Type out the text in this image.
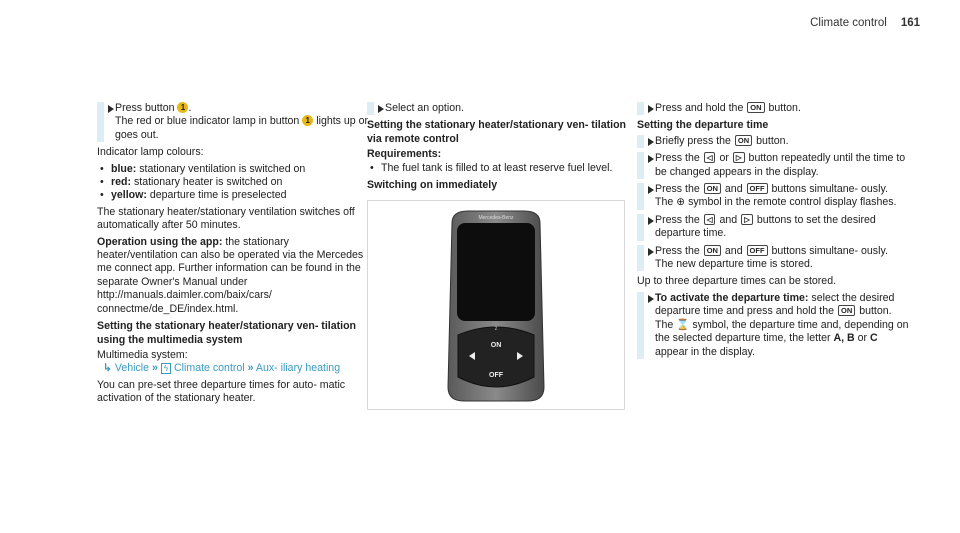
Climate control 161
Press button 1 .
The red or blue indicator lamp in button 1 lights up or goes out.

Indicator lamp colours:

• blue: stationary ventilation is switched on
• red: stationary heater is switched on
• yellow: departure time is preselected

The stationary heater/stationary ventilation switches off automatically after 50 minutes.

Operation using the app: the stationary heater/ventilation can also be operated via the Mercedes me connect app. Further information can be found in the separate Owner's Manual under http://manuals.daimler.com/baix/cars/ connectme/de_DE/index.html.

Setting the stationary heater/stationary ven- tilation using the multimedia system

Multimedia system:

↳ Vehicle » ϟ Climate control » Aux- iliary heating

You can pre-set three departure times for auto- matic activation of the stationary heater.

Select an option.
Setting the stationary heater/stationary ven- tilation via remote control

Requirements:

• The fuel tank is filled to at least reserve fuel level.
Switching on immediately
Mercedes-Benz
2
ON
OFF
Press and hold the ON button.
Setting the departure time
Briefly press the ON button.
Press the ◁ or ▷ button repeatedly until the time to be changed appears in the display.
Press the ON and OFF buttons simultane- ously.
The ⊕ symbol in the remote control display flashes.
Press the ◁ and ▷ buttons to set the desired departure time.
Press the ON and OFF buttons simultane- ously.
The new departure time is stored.

Up to three departure times can be stored.

To activate the departure time: select the desired departure time and press and hold the ON button.
The ⌛ symbol, the departure time and, depending on the selected departure time, the letter A, B or C appear in the display.
